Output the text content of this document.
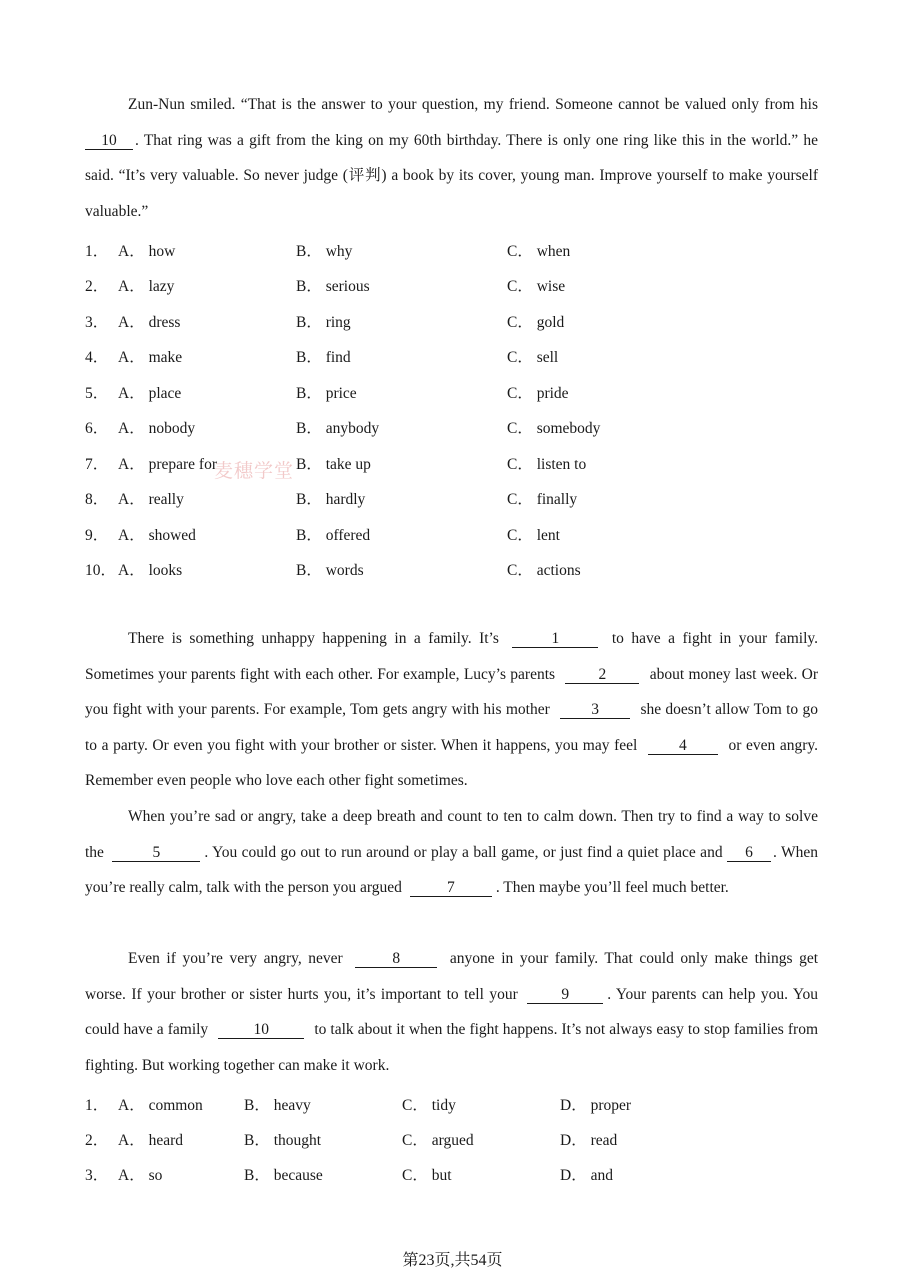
Zun-Nun smiled. “That is the answer to your question, my friend. Someone cannot be valued only from his 10 . That ring was a gift from the king on my 60th birthday. There is only one ring like this in the world.” he said. “It’s very valuable. So never judge (评判) a book by its cover, young man. Improve yourself to make yourself valuable.”

1． A． how	B． why	C． when
2． A． lazy	B． serious	C． wise
3． A． dress	B． ring	C． gold
4． A． make	B． find	C． sell
5． A． place	B． price	C． pride
6． A． nobody	B． anybody	C． somebody
7． A． prepare for	B． take up	C． listen to
8． A． really	B． hardly	C． finally
9． A． showed	B． offered	C． lent
10． A． looks	B． words	C． actions
麦穗学堂

There is something unhappy happening in a family. It’s	1	to have a fight in your family. Sometimes your parents fight with each other. For example, Lucy’s parents	2	about money last week. Or you fight with your parents. For example, Tom gets angry with his mother	3	she doesn’t allow Tom to go to a party. Or even you fight with your brother or sister. When it happens, you may feel	4	or even angry. Remember even people who love each other fight sometimes.

When you’re sad or angry, take a deep breath and count to ten to calm down. Then try to find a way to solve the	5	. You could go out to run around or play a ball game, or just find a quiet place and 6 . When you’re really calm, talk with the person you argued	7	. Then maybe you’ll feel much better.

Even if you’re very angry, never	8	anyone in your family. That could only make things get worse. If your brother or sister hurts you, it’s important to tell your	9 . Your parents can help you. You could have a family	10	to talk about it when the fight happens. It’s not always easy to stop families from fighting. But working together can make it work.

1． A． common	B． heavy	C． tidy	D． proper
2． A． heard	B． thought	C． argued	D． read
3． A． so	B． because	C． but	D． and
第23页,共54页
